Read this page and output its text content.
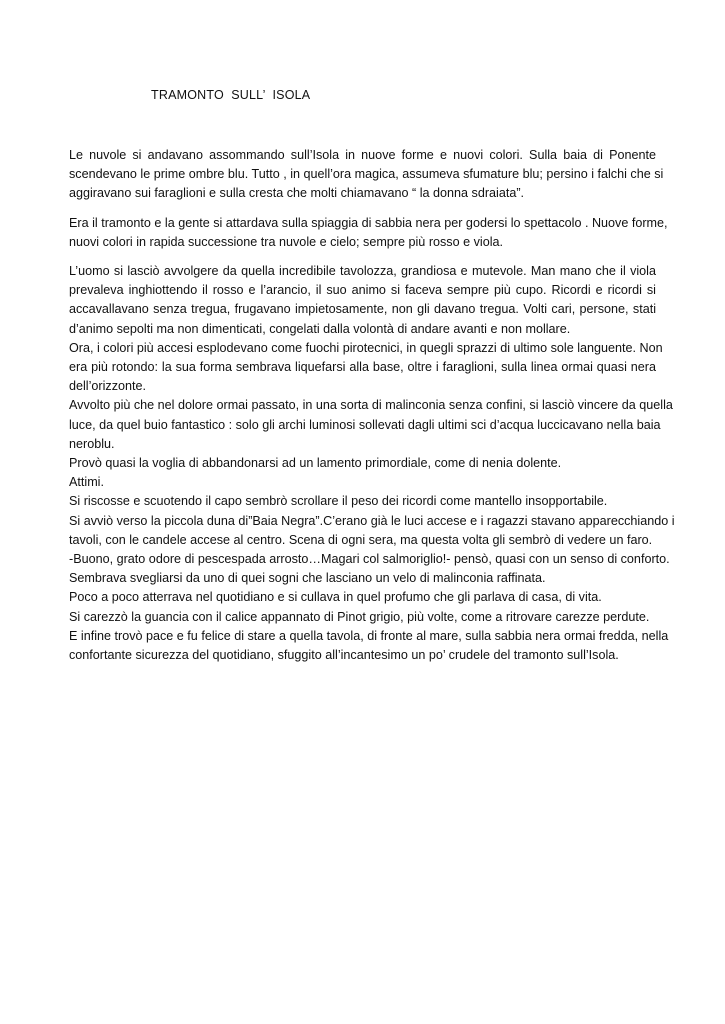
TRAMONTO  SULL’  ISOLA

Le nuvole si andavano assommando sull’Isola in nuove forme e nuovi colori. Sulla baia di Ponente
scendevano le prime ombre blu. Tutto , in quell’ora magica, assumeva sfumature blu; persino i falchi che si
aggiravano sui faraglioni e sulla cresta che molti chiamavano “ la donna sdraiata”.

Era il tramonto e la gente si attardava sulla spiaggia di sabbia nera per godersi lo spettacolo . Nuove forme,
nuovi colori in rapida successione tra nuvole e cielo; sempre più rosso e viola.

L’uomo si lasciò avvolgere da quella incredibile tavolozza, grandiosa e mutevole. Man mano che il viola
prevaleva inghiottendo il rosso e l’arancio, il suo animo si faceva sempre più cupo. Ricordi e ricordi si
accavallavano senza tregua, frugavano impietosamente, non gli davano tregua. Volti cari, persone, stati
d’animo sepolti ma non dimenticati, congelati dalla volontà di andare avanti e non mollare.
Ora, i colori più accesi esplodevano come fuochi pirotecnici, in quegli sprazzi di ultimo sole languente. Non
era più rotondo: la sua forma sembrava liquefarsi alla base, oltre i faraglioni, sulla linea ormai quasi nera
dell’orizzonte.
Avvolto più che nel dolore ormai passato, in una sorta di malinconia senza confini, si lasciò vincere da quella
luce, da quel buio fantastico : solo gli archi luminosi sollevati dagli ultimi sci d’acqua luccicavano nella baia
neroblu.
Provò quasi la voglia di abbandonarsi ad un lamento primordiale, come di nenia dolente.
Attimi.
Si riscosse e scuotendo il capo sembrò scrollare il peso dei ricordi come mantello insopportabile.
Si avviò verso la piccola duna di”Baia Negra”.C’erano già le luci accese e i ragazzi stavano apparecchiando i
tavoli, con le candele accese al centro. Scena di ogni sera, ma questa volta gli sembrò di vedere un faro.
-Buono, grato odore di pescespada arrosto…Magari col salmoriglio!- pensò, quasi con un senso di conforto.
Sembrava svegliarsi da uno di quei sogni che lasciano un velo di malinconia raffinata.
Poco a poco atterrava nel quotidiano e si cullava in quel profumo che gli parlava di casa, di vita.
Si carezzò la guancia con il calice appannato di Pinot grigio, più volte, come a ritrovare carezze perdute.
E infine trovò pace e fu felice di stare a quella tavola, di fronte al mare, sulla sabbia nera ormai fredda, nella
confortante sicurezza del quotidiano, sfuggito all’incantesimo un po’ crudele del tramonto sull’Isola.
